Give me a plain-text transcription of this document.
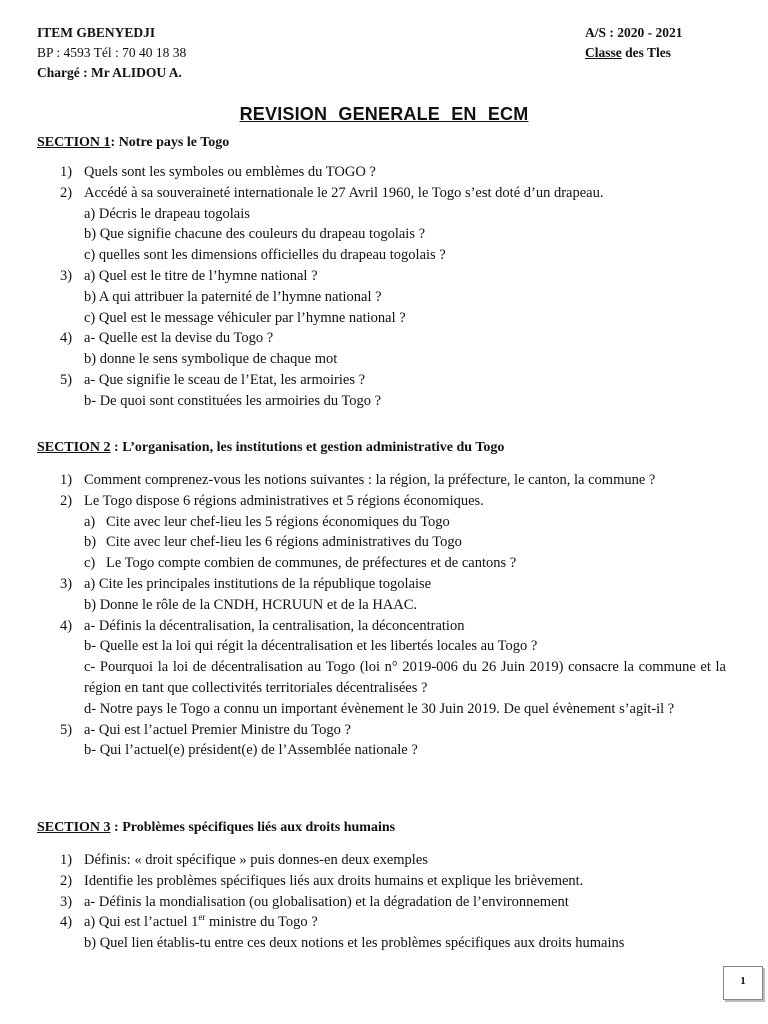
ITEM GBENYEDJI
BP : 4593 Tél : 70 40 18 38
Chargé : Mr ALIDOU A.
A/S : 2020 - 2021
Classe des Tles
REVISION GENERALE EN ECM
SECTION 1: Notre pays le Togo
1) Quels sont les symboles ou emblèmes du TOGO ?
2) Accédé à sa souveraineté internationale le 27 Avril 1960, le Togo s’est doté d’un drapeau.
a) Décris le drapeau togolais
b) Que signifie chacune des couleurs du drapeau togolais ?
c) quelles sont les dimensions officielles du drapeau togolais ?
3) a) Quel est le titre de l’hymne national ?
b) A qui attribuer la paternité de l’hymne national ?
c) Quel est le message véhiculer par l’hymne national ?
4) a- Quelle est la devise du Togo ?
b) donne le sens symbolique de chaque mot
5) a- Que signifie le sceau de l’Etat, les armoiries ?
b- De quoi sont constituées les armoiries du Togo ?
SECTION 2 : L’organisation, les institutions et gestion administrative du Togo
1) Comment comprenez-vous les notions suivantes : la région, la préfecture, le canton, la commune ?
2) Le Togo dispose 6 régions administratives et 5 régions économiques.
a) Cite avec leur chef-lieu les 5 régions économiques du Togo
b) Cite avec leur chef-lieu les 6 régions administratives du Togo
c) Le Togo compte combien de communes, de préfectures et de cantons ?
3) a) Cite les principales institutions de la république togolaise
b) Donne le rôle de la CNDH, HCRUUN et de la HAAC.
4) a- Définis la décentralisation, la centralisation, la déconcentration
b- Quelle est la loi qui régit la décentralisation et les libertés locales au Togo ?
c- Pourquoi la loi de décentralisation au Togo (loi n° 2019-006 du 26 Juin 2019) consacre la commune et la région en tant que collectivités territoriales décentralisées ?
d- Notre pays le Togo a connu un important évènement le 30 Juin 2019. De quel évènement s’agit-il ?
5) a- Qui est l’actuel Premier Ministre du Togo ?
b- Qui l’actuel(e) président(e) de l’Assemblée nationale ?
SECTION 3 : Problèmes spécifiques liés aux droits humains
1) Définis: « droit spécifique » puis donnes-en deux exemples
2) Identifie les problèmes spécifiques liés aux droits humains et explique les brièvement.
3) a- Définis la mondialisation (ou globalisation) et la dégradation de l’environnement
4) a) Qui est l’actuel 1er ministre du Togo ?
b) Quel lien établis-tu entre ces deux notions et les problèmes spécifiques aux droits humains
1
